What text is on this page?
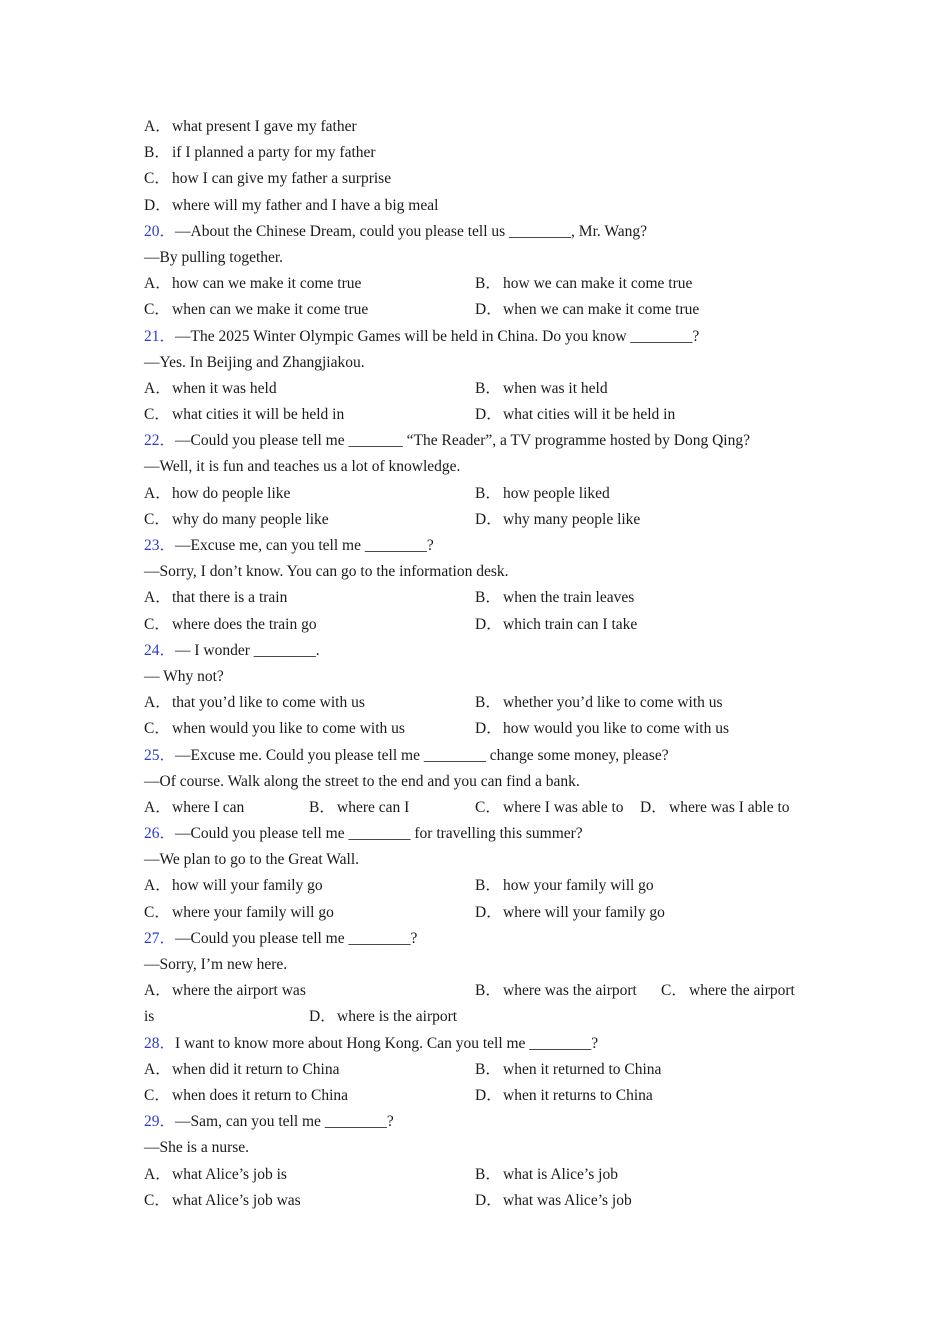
A．what present I gave my father
B． if I planned a party for my father
C． how I can give my father a surprise
D．where will my father and I have a big meal
20．—About the Chinese Dream, could you please tell us ________, Mr. Wang?
—By pulling together.
A．how can we make it come true	B． how we can make it come true
C． when can we make it come true	D．when we can make it come true
21．—The 2025 Winter Olympic Games will be held in China. Do you know ________?
—Yes. In Beijing and Zhangjiakou.
A．when it was held	B． when was it held
C． what cities it will be held in	D．what cities will it be held in
22．—Could you please tell me _______ “The Reader”, a TV programme hosted by Dong Qing?
—Well, it is fun and teaches us a lot of knowledge.
A．how do people like	B． how people liked
C． why do many people like	D．why many people like
23．—Excuse me, can you tell me ________?
—Sorry, I don’t know. You can go to the information desk.
A．that there is a train	B． when the train leaves
C． where does the train go	D．which train can I take
24．— I wonder ________.
— Why not?
A．that you’d like to come with us	B． whether you’d like to come with us
C． when would you like to come with us	D．how would you like to come with us
25．—Excuse me. Could you please tell me ________ change some money, please?
—Of course. Walk along the street to the end and you can find a bank.
A．where I can	B． where can I	C． where I was able to D． where was I able to
26．—Could you please tell me ________ for travelling this summer?
—We plan to go to the Great Wall.
A．how will your family go	B． how your family will go
C． where your family will go	D．where will your family go
27．—Could you please tell me ________?
—Sorry, I’m new here.
A．where the airport was	B． where was the airport C． where the airport
is	D．where is the airport
28．I want to know more about Hong Kong. Can you tell me ________?
A．when did it return to China	B． when it returned to China
C． when does it return to China	D．when it returns to China
29．—Sam, can you tell me ________?
—She is a nurse.
A．what Alice’s job is	B． what is Alice’s job
C． what Alice’s job was	D．what was Alice’s job
